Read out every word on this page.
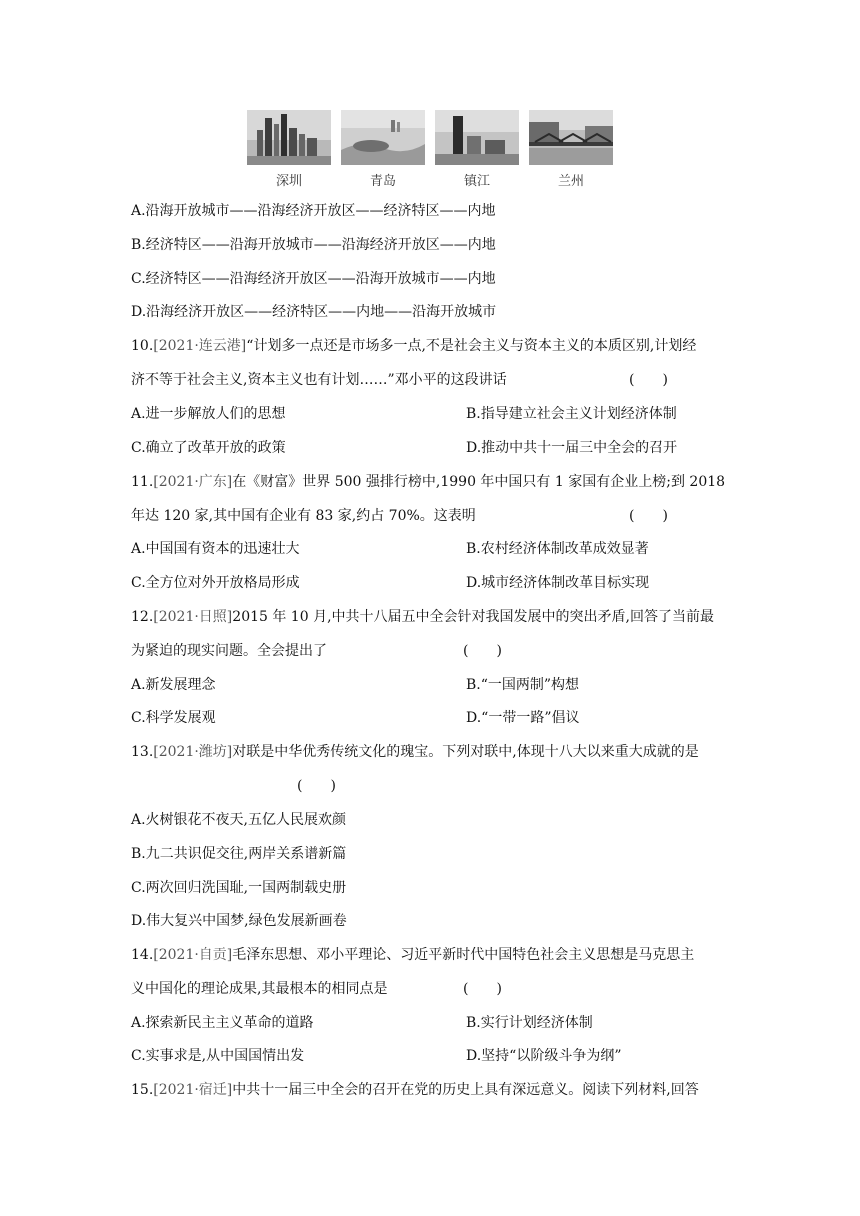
深圳	青岛	镇江	兰州
A.沿海开放城市——沿海经济开放区——经济特区——内地
B.经济特区——沿海开放城市——沿海经济开放区——内地
C.经济特区——沿海经济开放区——沿海开放城市——内地
D.沿海经济开放区——经济特区——内地——沿海开放城市
10.[2021·连云港]“计划多一点还是市场多一点,不是社会主义与资本主义的本质区别,计划经
济不等于社会主义,资本主义也有计划……”邓小平的这段讲话	(　　)
A.进一步解放人们的思想	B.指导建立社会主义计划经济体制
C.确立了改革开放的政策	D.推动中共十一届三中全会的召开
11.[2021·广东]在《财富》世界 500 强排行榜中,1990 年中国只有 1 家国有企业上榜;到 2018
年达 120 家,其中国有企业有 83 家,约占 70%。这表明	(　　)
A.中国国有资本的迅速壮大	B.农村经济体制改革成效显著
C.全方位对外开放格局形成	D.城市经济体制改革目标实现
12.[2021·日照]2015 年 10 月,中共十八届五中全会针对我国发展中的突出矛盾,回答了当前最
为紧迫的现实问题。全会提出了	(　　)
A.新发展理念	B.“一国两制”构想
C.科学发展观	D.“一带一路”倡议
13.[2021·潍坊]对联是中华优秀传统文化的瑰宝。下列对联中,体现十八大以来重大成就的是
(　　)
A.火树银花不夜天,五亿人民展欢颜
B.九二共识促交往,两岸关系谱新篇
C.两次回归洗国耻,一国两制载史册
D.伟大复兴中国梦,绿色发展新画卷
14.[2021·自贡]毛泽东思想、邓小平理论、习近平新时代中国特色社会主义思想是马克思主
义中国化的理论成果,其最根本的相同点是	(　　)
A.探索新民主主义革命的道路	B.实行计划经济体制
C.实事求是,从中国国情出发	D.坚持“以阶级斗争为纲”
15.[2021·宿迁]中共十一届三中全会的召开在党的历史上具有深远意义。阅读下列材料,回答
